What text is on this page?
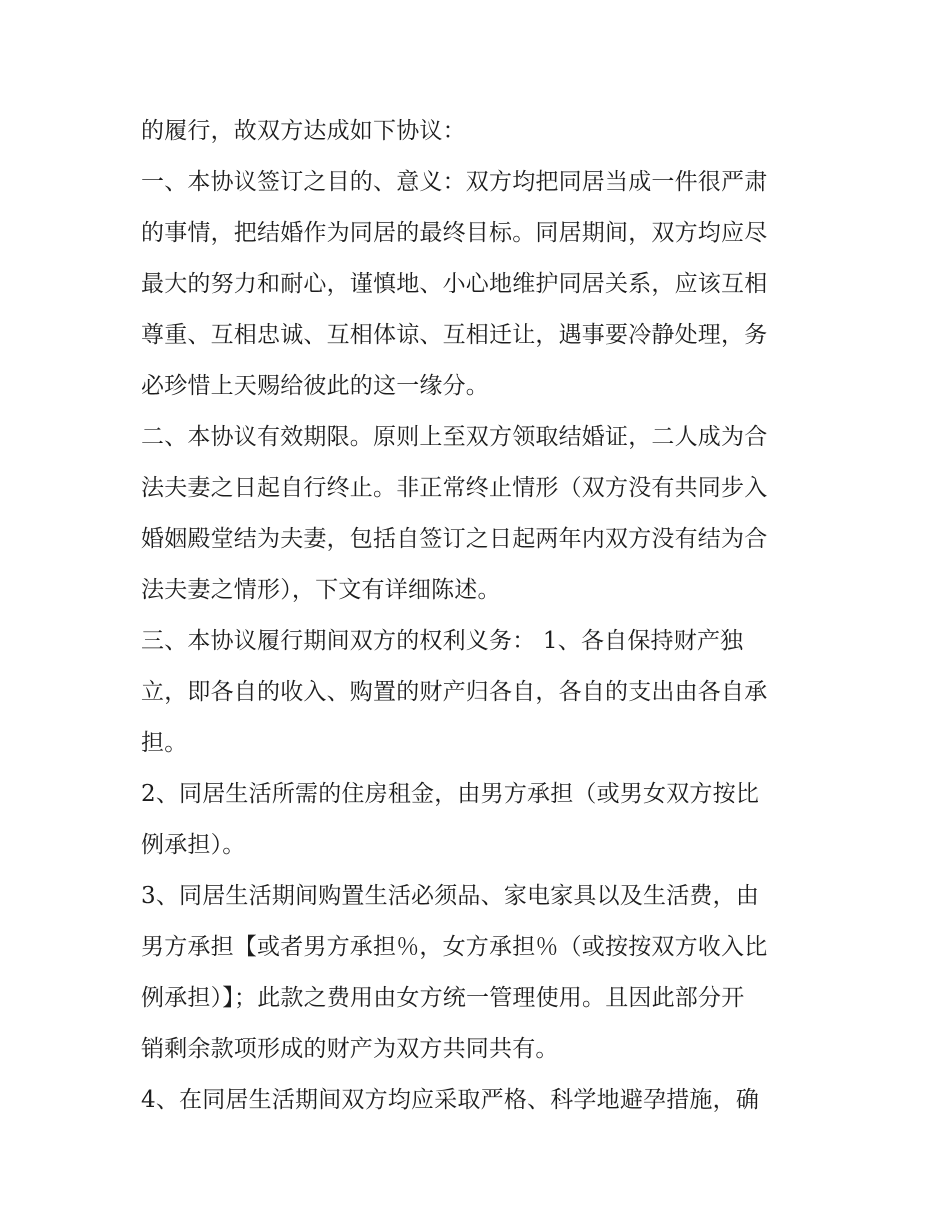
的履行，故双方达成如下协议：
一、本协议签订之目的、意义：双方均把同居当成一件很严肃
的事情，把结婚作为同居的最终目标。同居期间，双方均应尽
最大的努力和耐心，谨慎地、小心地维护同居关系，应该互相
尊重、互相忠诚、互相体谅、互相迁让，遇事要冷静处理，务
必珍惜上天赐给彼此的这一缘分。
二、本协议有效期限。原则上至双方领取结婚证，二人成为合
法夫妻之日起自行终止。非正常终止情形（双方没有共同步入
婚姻殿堂结为夫妻，包括自签订之日起两年内双方没有结为合
法夫妻之情形），下文有详细陈述。
三、本协议履行期间双方的权利义务： 1、各自保持财产独
立，即各自的收入、购置的财产归各自，各自的支出由各自承
担。
2、同居生活所需的住房租金，由男方承担（或男女双方按比
例承担）。
3、同居生活期间购置生活必须品、家电家具以及生活费，由
男方承担【或者男方承担％，女方承担％（或按按双方收入比
例承担）】；此款之费用由女方统一管理使用。且因此部分开
销剩余款项形成的财产为双方共同共有。
4、在同居生活期间双方均应采取严格、科学地避孕措施，确
